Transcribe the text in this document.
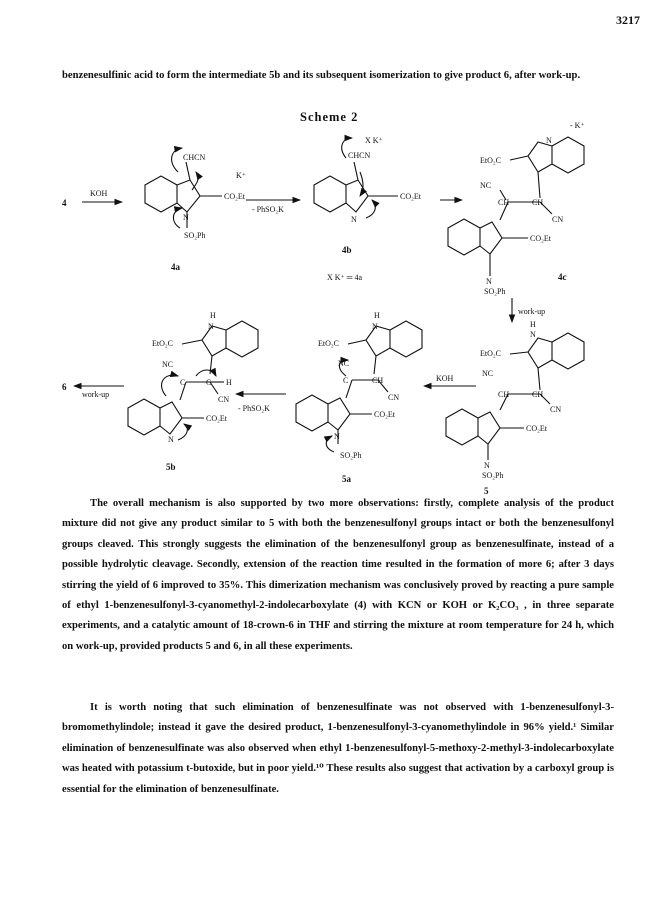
3217

benzenesulfinic acid to form the intermediate 5b and its subsequent isomerization to give product 6, after work-up.

Scheme 2
4
KOH
CHCN
CO₂Et
K⁺
N
SO₂Ph
4a
- PhSO₂K
X K⁺
CHCN
CO₂Et
N
4b
X K⁺ ═ 4a
- K⁺
N
EtO₂C
NC
CH	CH
CN
CO₂Et
N
SO₂Ph
4c
work-up
H
N
EtO₂C
NC
CH	CH
CN
CO₂Et
N
SO₂Ph
5
KOH
H
N
EtO₂C
NC
C	CH
CN
CO₂Et
N
SO₂Ph
5a
- PhSO₂K
H
N
EtO₂C
NC
C	C H
CN
CO₂Et
N
5b
work-up
6

The overall mechanism is also supported by two more observations: firstly, complete analysis of the product mixture did not give any product similar to 5 with both the benzenesulfonyl groups intact or both the benzenesulfonyl groups cleaved. This strongly suggests the elimination of the benzenesulfonyl group as benzenesulfinate, instead of a possible hydrolytic cleavage. Secondly, extension of the reaction time resulted in the formation of more 6; after 3 days stirring the yield of 6 improved to 35%. This dimerization mechanism was conclusively proved by reacting a pure sample of ethyl 1-benzenesulfonyl-3-cyanomethyl-2-indolecarboxylate (4) with KCN or KOH or K₂CO₃ , in three separate experiments, and a catalytic amount of 18-crown-6 in THF and stirring the mixture at room temperature for 24 h, which on work-up, provided products 5 and 6, in all these experiments.

It is worth noting that such elimination of benzenesulfinate was not observed with 1-benzenesulfonyl-3-bromomethylindole; instead it gave the desired product, 1-benzenesulfonyl-3-cyanomethylindole in 96% yield.¹ Similar elimination of benzenesulfinate was also observed when ethyl 1-benzenesulfonyl-5-methoxy-2-methyl-3-indolecarboxylate was heated with potassium t-butoxide, but in poor yield.¹⁰ These results also suggest that activation by a carboxyl group is essential for the elimination of benzenesulfinate.
